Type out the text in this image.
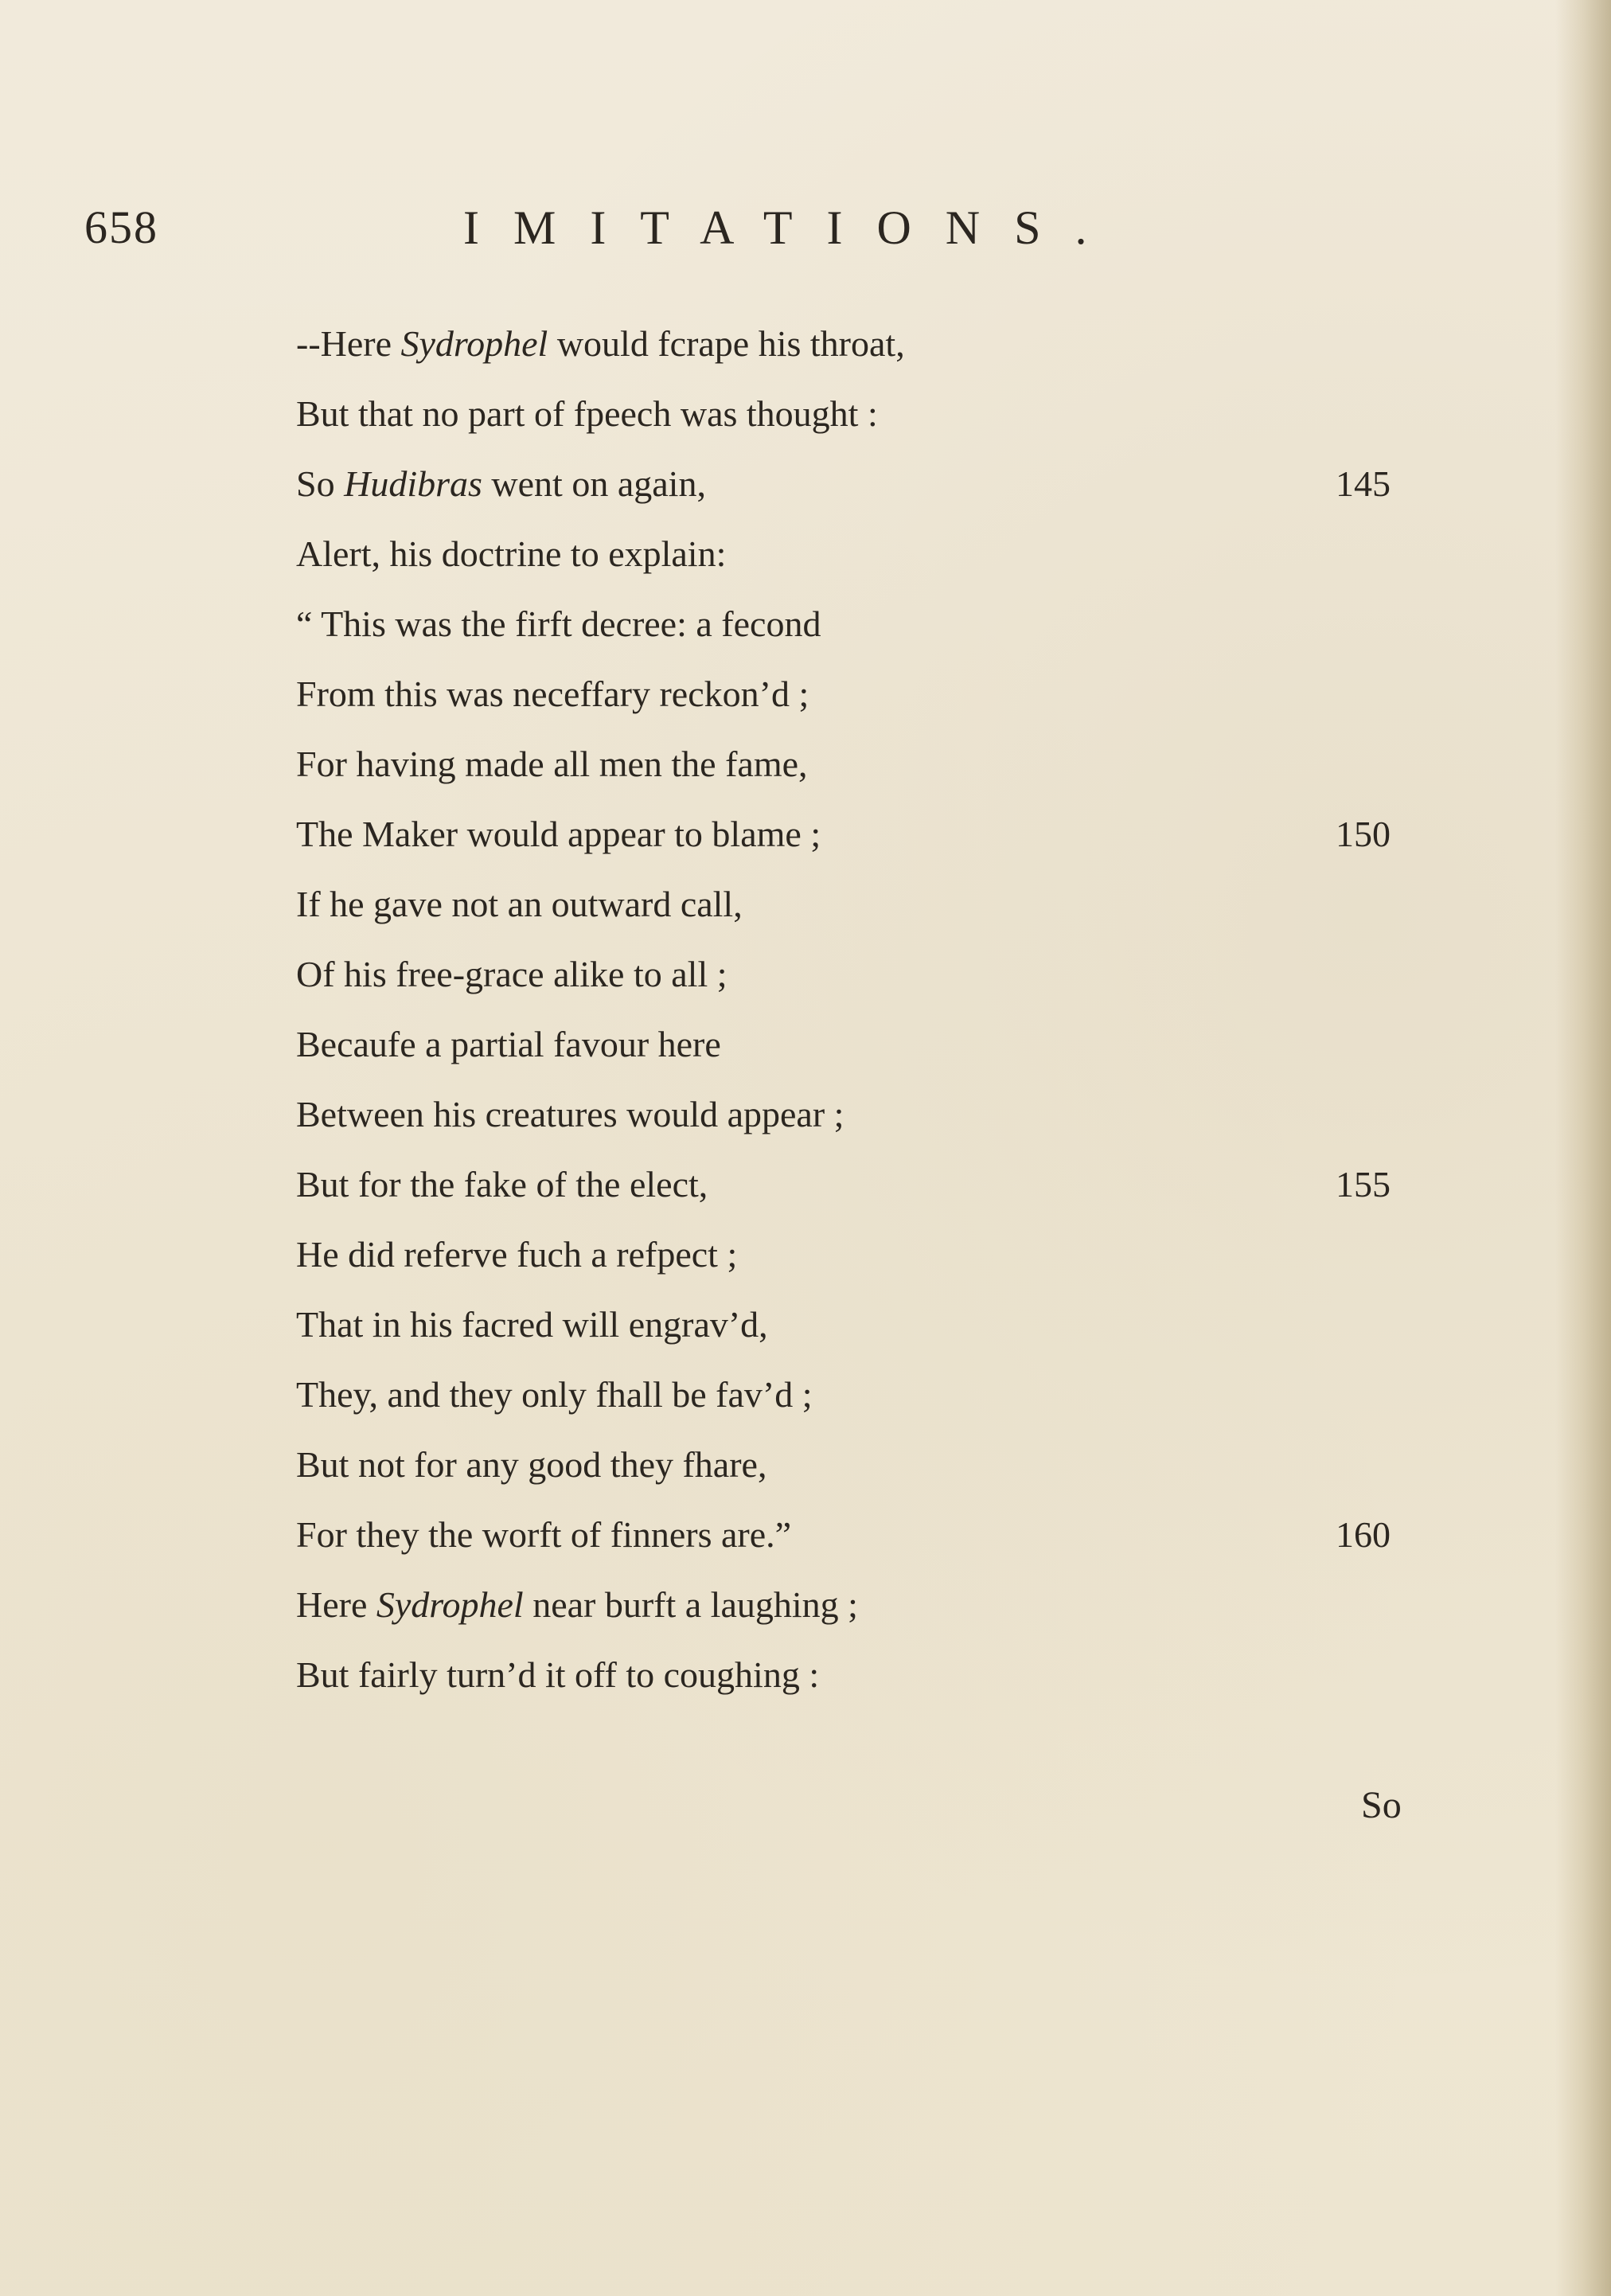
658	IMITATIONS.
--Here Sydrophel would fcrape his throat,
But that no part of fpeech was thought :
So Hudibras went on again,
Alert, his doctrine to explain:
“ This was the firft decree: a fecond
From this was neceffary reckon’d ;
For having made all men the fame,
The Maker would appear to blame ;
If he gave not an outward call,
Of his free-grace alike to all ;
Becaufe a partial favour here
Between his creatures would appear ;
But for the fake of the elect,
He did referve fuch a refpect ;
That in his facred will engrav’d,
They, and they only fhall be fav’d ;
But not for any good they fhare,
For they the worft of finners are.”
Here Sydrophel near burft a laughing ;
But fairly turn’d it off to coughing :
145
150
155
160
So
